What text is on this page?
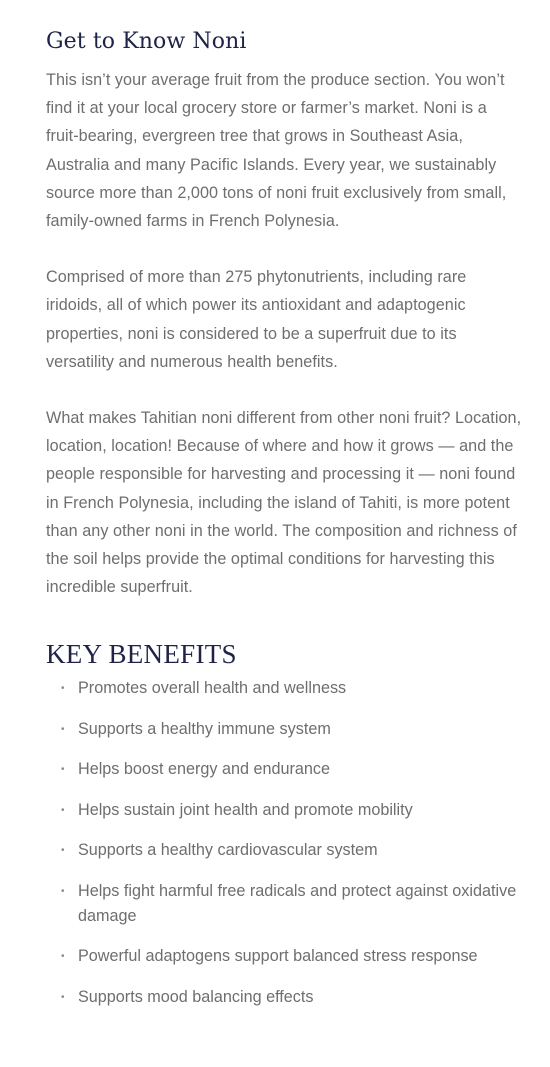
Get to Know Noni

This isn’t your average fruit from the produce section. You won’t find it at your local grocery store or farmer’s market. Noni is a fruit-bearing, evergreen tree that grows in Southeast Asia, Australia and many Pacific Islands. Every year, we sustainably source more than 2,000 tons of noni fruit exclusively from small, family-owned farms in French Polynesia.

Comprised of more than 275 phytonutrients, including rare iridoids, all of which power its antioxidant and adaptogenic properties, noni is considered to be a superfruit due to its versatility and numerous health benefits.

What makes Tahitian noni different from other noni fruit? Location, location, location! Because of where and how it grows — and the people responsible for harvesting and processing it — noni found in French Polynesia, including the island of Tahiti, is more potent than any other noni in the world. The composition and richness of the soil helps provide the optimal conditions for harvesting this incredible superfruit.

KEY BENEFITS
• Promotes overall health and wellness
• Supports a healthy immune system
• Helps boost energy and endurance
• Helps sustain joint health and promote mobility
• Supports a healthy cardiovascular system
• Helps fight harmful free radicals and protect against oxidative damage
• Powerful adaptogens support balanced stress response
• Supports mood balancing effects
